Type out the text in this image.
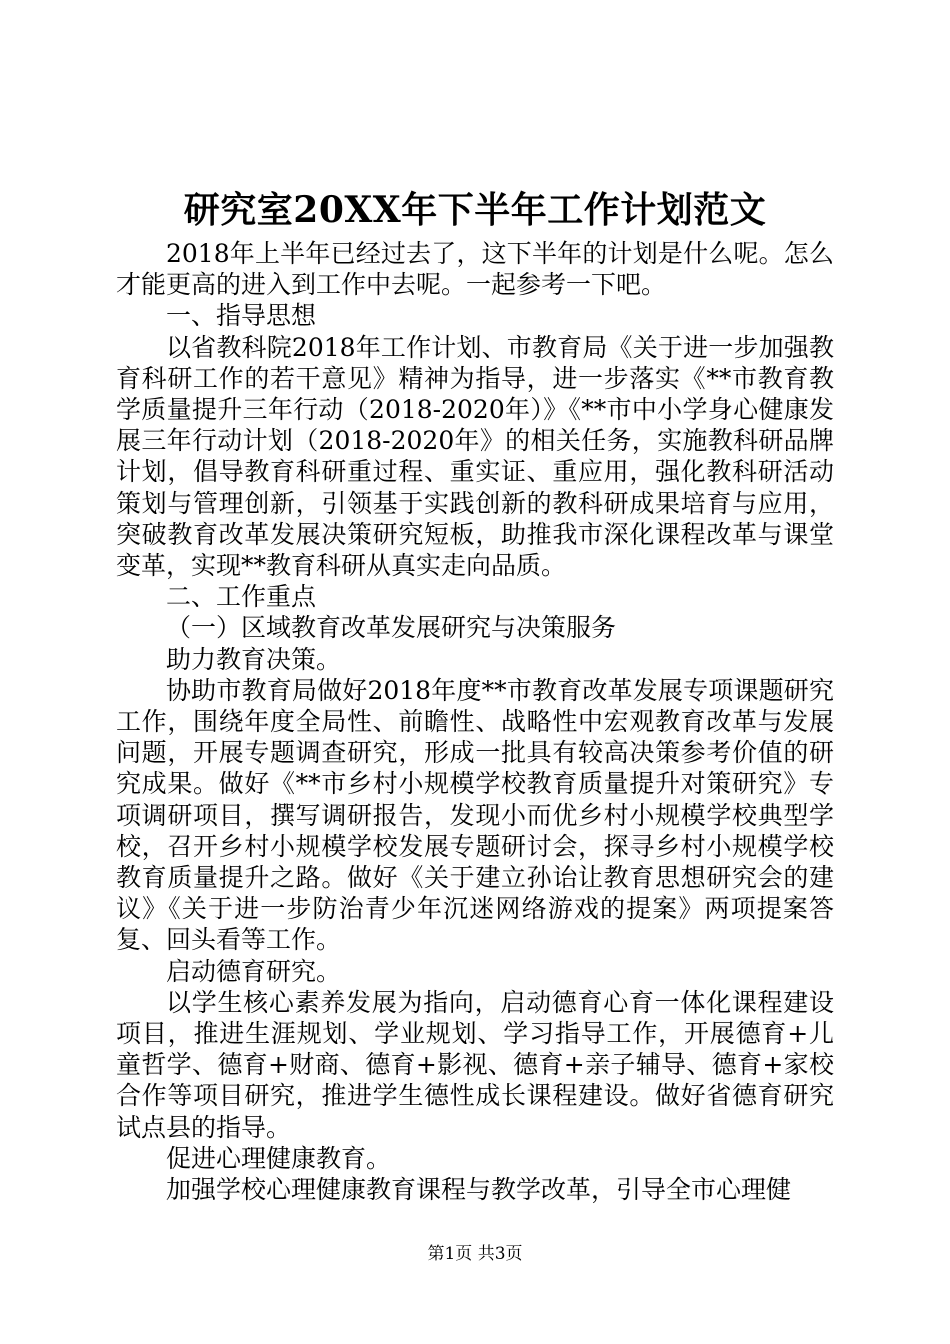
研究室20XX年下半年工作计划范文

2018年上半年已经过去了，这下半年的计划是什么呢。怎么才能更高的进入到工作中去呢。一起参考一下吧。

一、指导思想

以省教科院2018年工作计划、市教育局《关于进一步加强教育科研工作的若干意见》精神为指导，进一步落实《**市教育教学质量提升三年行动（2018-2020年）》《**市中小学身心健康发展三年行动计划（2018-2020年》的相关任务，实施教科研品牌计划，倡导教育科研重过程、重实证、重应用，强化教科研活动策划与管理创新，引领基于实践创新的教科研成果培育与应用，突破教育改革发展决策研究短板，助推我市深化课程改革与课堂变革，实现**教育科研从真实走向品质。

二、工作重点

（一）区域教育改革发展研究与决策服务

助力教育决策。

协助市教育局做好2018年度**市教育改革发展专项课题研究工作，围绕年度全局性、前瞻性、战略性中宏观教育改革与发展问题，开展专题调查研究，形成一批具有较高决策参考价值的研究成果。做好《**市乡村小规模学校教育质量提升对策研究》专项调研项目，撰写调研报告，发现小而优乡村小规模学校典型学校，召开乡村小规模学校发展专题研讨会，探寻乡村小规模学校教育质量提升之路。做好《关于建立孙诒让教育思想研究会的建议》《关于进一步防治青少年沉迷网络游戏的提案》两项提案答复、回头看等工作。

启动德育研究。

以学生核心素养发展为指向，启动德育心育一体化课程建设项目，推进生涯规划、学业规划、学习指导工作，开展德育+儿童哲学、德育+财商、德育+影视、德育+亲子辅导、德育+家校合作等项目研究，推进学生德性成长课程建设。做好省德育研究试点县的指导。

促进心理健康教育。

加强学校心理健康教育课程与教学改革，引导全市心理健

第1页 共3页
